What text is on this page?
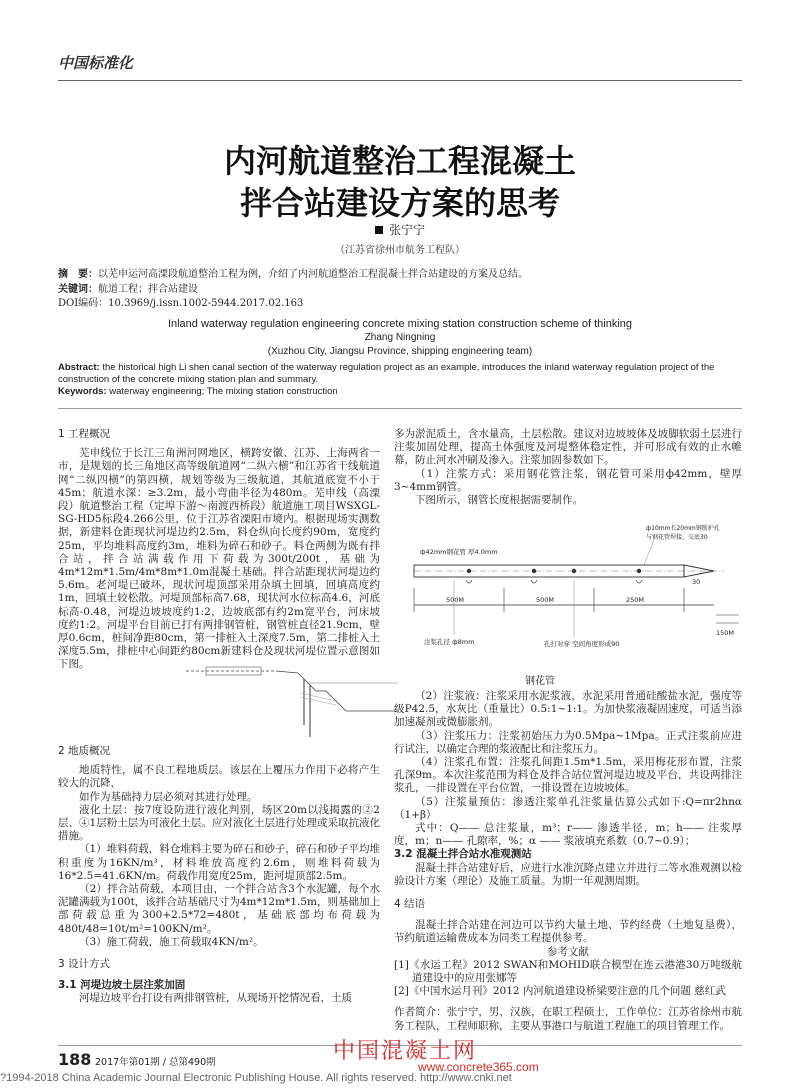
中国标准化
内河航道整治工程混凝土
拌合站建设方案的思考
张宁宁
（江苏省徐州市航务工程队）
摘　要：以芜申运河高溧段航道整治工程为例，介绍了内河航道整治工程混凝土拌合站建设的方案及总结。
关键词：航道工程；拌合站建设
DOI编码：10.3969/j.issn.1002-5944.2017.02.163
Inland waterway regulation engineering concrete mixing station construction scheme of thinking
Zhang Ningning
(Xuzhou City, Jiangsu Province, shipping engineering team)
Abstract: the historical high Li shen canal section of the waterway regulation project as an example, introduces the inland waterway regulation project of the construction of the concrete mixing station plan and summary.
Keywords: waterway engineering; The mixing station construction
1 工程概况

芜申线位于长江三角洲河网地区，横跨安徽、江苏、上海两省一市，是规划的长三角地区高等级航道网“二纵六横”和江苏省干线航道网“二纵四横”的第四横，规划等级为三级航道，其航道底宽不小于45m；航道水深：≥3.2m，最小弯曲半径为480m。芜申线（高溧段）航道整治工程（定埠下游～南渡西桥段）航道施工项目WSXGL-SG-HD5标段4.266公里，位于江苏省溧阳市境内。根据现场实测数据，新建料仓距现状河堤边约2.5m，料仓纵向长度约90m，宽度约25m，平均堆料高度约3m，堆料为碎石和砂子。料仓两侧为既有拌合站，拌合站满载作用下荷载为300t/200t，基础为4m*12m*1.5m/4m*8m*1.0m混凝土基础。拌合站距现状河堤边约5.6m。老河堤已破坏，现状河堤顶部采用杂填土回填，回填高度约1m，回填土较松散。河堤顶部标高7.68，现状河水位标高4.6，河底标高-0.48，河堤边坡坡度约1:2，边坡底部有约2m宽平台，河床坡度约1:2。河堤平台目前已打有两排钢管桩，钢管桩直径21.9cm，壁厚0.6cm，桩间净距80cm，第一排桩入土深度7.5m，第二排桩入土深度5.5m，排桩中心间距约80cm新建料仓及现状河堤位置示意图如下图。

2 地质概况

地质特性，属不良工程地质层。该层在上覆压力作用下必将产生较大的沉降，

如作为基础持力层必须对其进行处理。

液化土层：按7度设防进行液化判别，场区20m以浅揭露的②2层、④1层粉土层为可液化土层。应对液化土层进行处理或采取抗液化措施。

（1）堆料荷载，料仓堆料主要为碎石和砂子，碎石和砂子平均堆积重度为16KN/m³，材料堆放高度约2.6m，则堆料荷载为16*2.5=41.6KN/m。荷载作用宽度25m，距河堤顶部2.5m。

（2）拌合站荷载，本项目由，一个拌合站含3个水泥罐，每个水泥罐满载为100t，该拌合站基础尺寸为4m*12m*1.5m，则基础加上部荷载总重为300+2.5*72=480t，基础底部均布荷载为480t/48=10t/m²=100KN/m²。

（3）施工荷载，施工荷载取4KN/m²。

3 设计方式
3.1 河堤边坡土层注浆加固

河堤边坡平台打设有两排钢管桩，从现场开挖情况看，土质

多为淤泥质土，含水量高，土层松散。建议对边坡坡体及坡脚软弱土层进行注浆加固处理，提高土体强度及河堤整体稳定性，并可形成有效的止水帷幕，防止河水冲刷及渗入。注浆加固参数如下。

（1）注浆方式：采用钢花管注浆，钢花管可采用ф42mm，壁厚3~4mm钢管。

下图所示，钢管长度根据需要制作。

ф42mm钢花管 厚4.0mm
ф10mm长20mm钢筋护孔
与钢花管焊接，交底30
500M	500M	250M
30
150M
注浆孔径 ф8mm	孔打对穿 空间角度形成90
钢花管

（2）注浆液：注浆采用水泥浆液，水泥采用普通硅酸盐水泥，强度等级P42.5，水灰比（重量比）0.5:1~1:1。为加快浆液凝固速度，可适当添加速凝剂或微膨胀剂。

（3）注浆压力：注浆初始压力为0.5Mpa~1Mpa。正式注浆前应进行试注，以确定合理的浆液配比和注浆压力。

（4）注浆孔布置：注浆孔间距1.5m*1.5m，采用梅花形布置，注浆孔深9m。本次注浆范围为料仓及拌合站位置河堤边坡及平台，共设两排注浆孔，一排设置在平台位置，一排设置在边坡坡体。

（5）注浆量预估：渗透注浆单孔注浆量估算公式如下:Q=πr2hnα（1+β）

式中：Q—— 总注浆量，m³；r—— 渗透半径，m；h—— 注浆厚度，m；n—— 孔隙率，%；α —— 浆液填充系数（0.7~0.9）；

3.2 混凝土拌合站水准观测站

混凝土拌合站建好后，应进行水准沉降点建立并进行二等水准观测以检验设计方案（理论）及施工质量。为期一年观测周期。

4 结语

混凝土拌合站建在河边可以节约大量土地、节约经费（土地复垦费），节约航道运输费成本为同类工程提供参考。

参考文献
[1]《水运工程》2012 SWAN和MOHID联合模型在连云港港30万吨级航道建设中的应用张娜等
[2]《中国水运月刊》2012 内河航道建设桥梁要注意的几个问题 慈红武
作者简介：张宁宁，男，汉族，在职工程硕士，工作单位：江苏省徐州市航务工程队，工程师职称，主要从事港口与航道工程施工的项目管理工作。
188 2017年第01期 / 总第490期	中国混凝土网
www.concrete365.com
?1994-2018 China Academic Journal Electronic Publishing House. All rights reserved. http://www.cnki.net
